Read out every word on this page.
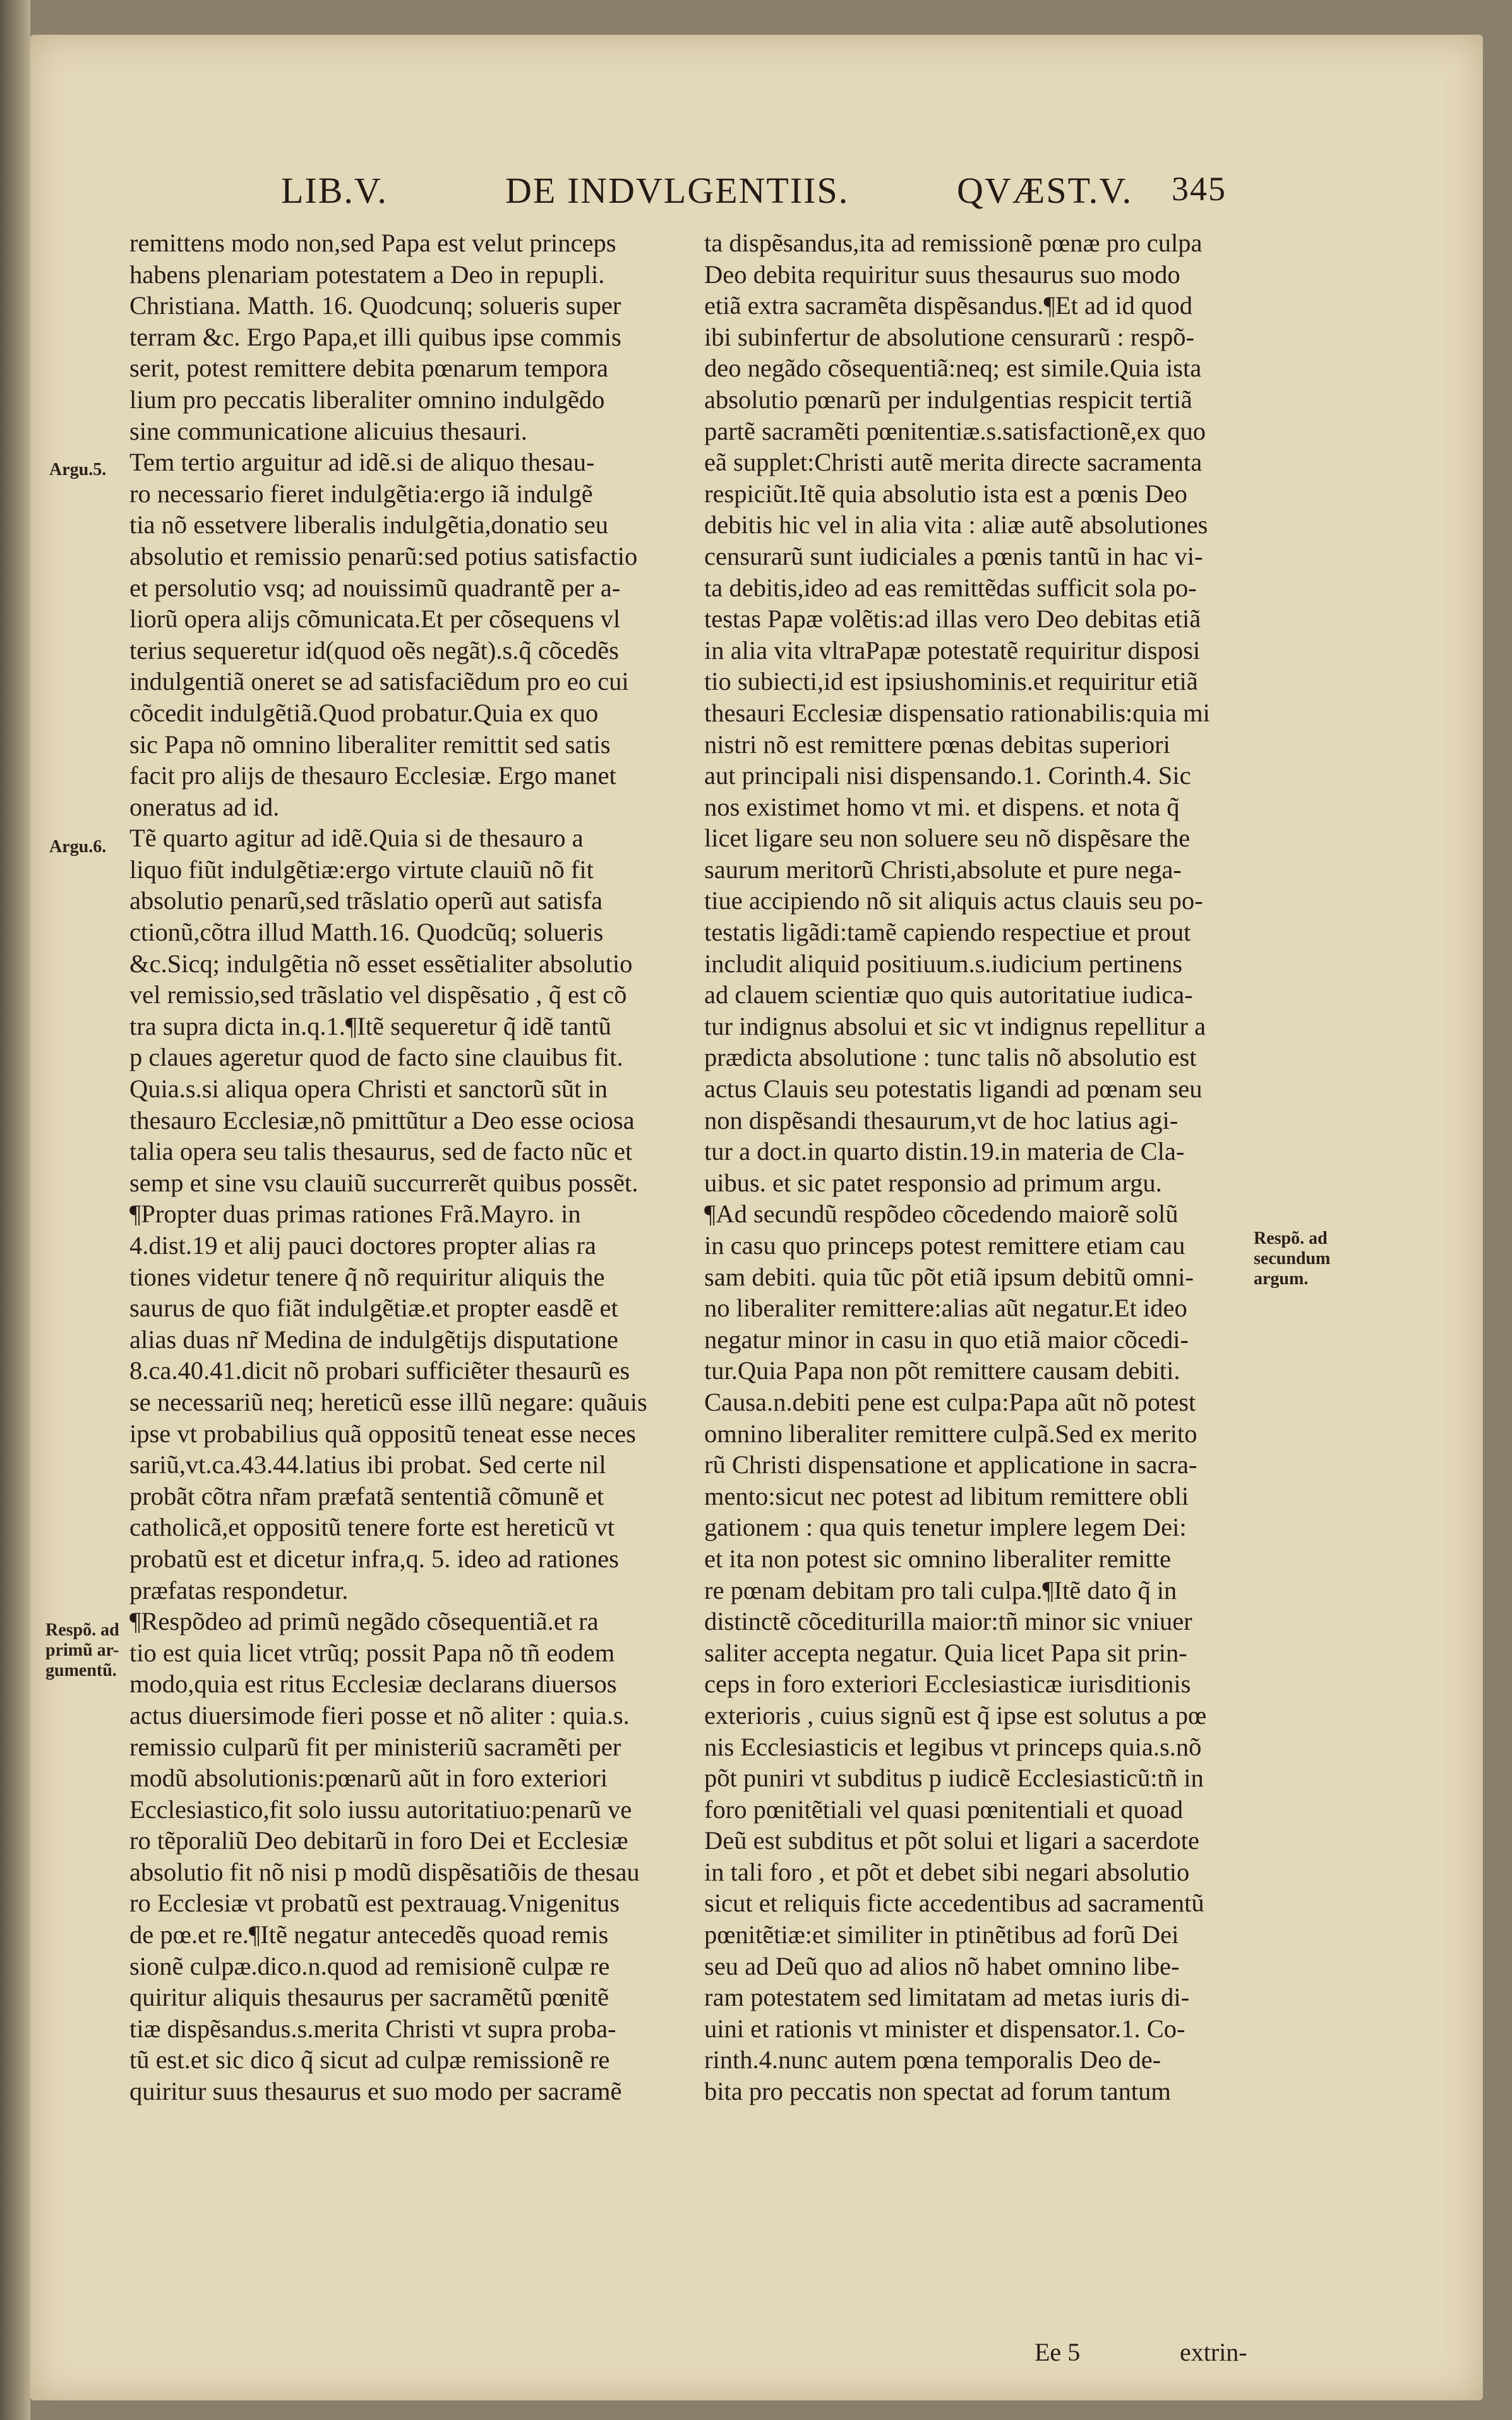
LIB.V.	DE INDVLGENTIIS.	QVÆST.V. 345
remittens modo non,sed Papa est velut princeps
habens plenariam potestatem a Deo in repupli.
Christiana. Matth. 16. Quodcunq; solueris super
terram &c. Ergo Papa,et illi quibus ipse commis
serit, potest remittere debita pœnarum tempora
lium pro peccatis liberaliter omnino indulgẽdo
sine communicatione alicuius thesauri.
Tem tertio arguitur ad idẽ.si de aliquo thesau-
ro necessario fieret indulgẽtia:ergo iã indulgẽ
tia nõ essetvere liberalis indulgẽtia,donatio seu
absolutio et remissio penarũ:sed potius satisfactio
et persolutio vsq; ad nouissimũ quadrantẽ per a-
liorũ opera alijs cõmunicata.Et per cõsequens vl
terius sequeretur id(quod oẽs negãt).s.q̃ cõcedẽs
indulgentiã oneret se ad satisfaciẽdum pro eo cui
cõcedit indulgẽtiã.Quod probatur.Quia ex quo
sic Papa nõ omnino liberaliter remittit sed satis
facit pro alijs de thesauro Ecclesiæ. Ergo manet
oneratus ad id.
Tẽ quarto agitur ad idẽ.Quia si de thesauro a
liquo fiũt indulgẽtiæ:ergo virtute clauiũ nõ fit
absolutio penarũ,sed trãslatio operũ aut satisfa
ctionũ,cõtra illud Matth.16. Quodcũq; solueris
&c.Sicq; indulgẽtia nõ esset essẽtialiter absolutio
vel remissio,sed trãslatio vel dispẽsatio , q̃ est cõ
tra supra dicta in.q.1.¶Itẽ sequeretur q̃ idẽ tantũ
p claues ageretur quod de facto sine clauibus fit.
Quia.s.si aliqua opera Christi et sanctorũ sũt in
thesauro Ecclesiæ,nõ pmittũtur a Deo esse ociosa
talia opera seu talis thesaurus, sed de facto nũc et
semp et sine vsu clauiũ succurrerẽt quibus possẽt.
¶Propter duas primas rationes Frã.Mayro. in
4.dist.19 et alij pauci doctores propter alias ra
tiones videtur tenere q̃ nõ requiritur aliquis the
saurus de quo fiãt indulgẽtiæ.et propter easdẽ et
alias duas nr̃ Medina de indulgẽtijs disputatione
8.ca.40.41.dicit nõ probari sufficiẽter thesaurũ es
se necessariũ neq; hereticũ esse illũ negare: quãuis
ipse vt probabilius quã oppositũ teneat esse neces
sariũ,vt.ca.43.44.latius ibi probat. Sed certe nil
probãt cõtra nr̃am præfatã sententiã cõmunẽ et
catholicã,et oppositũ tenere forte est hereticũ vt
probatũ est et dicetur infra,q. 5. ideo ad rationes
præfatas respondetur.
¶Respõdeo ad primũ negãdo cõsequentiã.et ra
tio est quia licet vtrũq; possit Papa nõ tñ eodem
modo,quia est ritus Ecclesiæ declarans diuersos
actus diuersimode fieri posse et nõ aliter : quia.s.
remissio culparũ fit per ministeriũ sacramẽti per
modũ absolutionis:pœnarũ aũt in foro exteriori
Ecclesiastico,fit solo iussu autoritatiuo:penarũ ve
ro tẽporaliũ Deo debitarũ in foro Dei et Ecclesiæ
absolutio fit nõ nisi p modũ dispẽsatiõis de thesau
ro Ecclesiæ vt probatũ est pextrauag.Vnigenitus
de pœ.et re.¶Itẽ negatur antecedẽs quoad remis
sionẽ culpæ.dico.n.quod ad remisionẽ culpæ re
quiritur aliquis thesaurus per sacramẽtũ pœnitẽ
tiæ dispẽsandus.s.merita Christi vt supra proba-
tũ est.et sic dico q̃ sicut ad culpæ remissionẽ re
quiritur suus thesaurus et suo modo per sacramẽ
ta dispẽsandus,ita ad remissionẽ pœnæ pro culpa
Deo debita requiritur suus thesaurus suo modo
etiã extra sacramẽta dispẽsandus.¶Et ad id quod
ibi subinfertur de absolutione censurarũ : respõ-
deo negãdo cõsequentiã:neq; est simile.Quia ista
absolutio pœnarũ per indulgentias respicit tertiã
partẽ sacramẽti pœnitentiæ.s.satisfactionẽ,ex quo
eã supplet:Christi autẽ merita directe sacramenta
respiciũt.Itẽ quia absolutio ista est a pœnis Deo
debitis hic vel in alia vita : aliæ autẽ absolutiones
censurarũ sunt iudiciales a pœnis tantũ in hac vi-
ta debitis,ideo ad eas remittẽdas sufficit sola po-
testas Papæ volẽtis:ad illas vero Deo debitas etiã
in alia vita vltraPapæ potestatẽ requiritur disposi
tio subiecti,id est ipsiushominis.et requiritur etiã
thesauri Ecclesiæ dispensatio rationabilis:quia mi
nistri nõ est remittere pœnas debitas superiori
aut principali nisi dispensando.1. Corinth.4. Sic
nos existimet homo vt mi. et dispens. et nota q̃
licet ligare seu non soluere seu nõ dispẽsare the
saurum meritorũ Christi,absolute et pure nega-
tiue accipiendo nõ sit aliquis actus clauis seu po-
testatis ligãdi:tamẽ capiendo respectiue et prout
includit aliquid positiuum.s.iudicium pertinens
ad clauem scientiæ quo quis autoritatiue iudica-
tur indignus absolui et sic vt indignus repellitur a
prædicta absolutione : tunc talis nõ absolutio est
actus Clauis seu potestatis ligandi ad pœnam seu
non dispẽsandi thesaurum,vt de hoc latius agi-
tur a doct.in quarto distin.19.in materia de Cla-
uibus. et sic patet responsio ad primum argu.
¶Ad secundũ respõdeo cõcedendo maiorẽ solũ
in casu quo princeps potest remittere etiam cau
sam debiti. quia tũc põt etiã ipsum debitũ omni-
no liberaliter remittere:alias aũt negatur.Et ideo
negatur minor in casu in quo etiã maior cõcedi-
tur.Quia Papa non põt remittere causam debiti.
Causa.n.debiti pene est culpa:Papa aũt nõ potest
omnino liberaliter remittere culpã.Sed ex merito
rũ Christi dispensatione et applicatione in sacra-
mento:sicut nec potest ad libitum remittere obli
gationem : qua quis tenetur implere legem Dei:
et ita non potest sic omnino liberaliter remitte
re pœnam debitam pro tali culpa.¶Itẽ dato q̃ in
distinctẽ cõcediturilla maior:tñ minor sic vniuer
saliter accepta negatur. Quia licet Papa sit prin-
ceps in foro exteriori Ecclesiasticæ iurisditionis
exterioris , cuius signũ est q̃ ipse est solutus a pœ
nis Ecclesiasticis et legibus vt princeps quia.s.nõ
põt puniri vt subditus p iudicẽ Ecclesiasticũ:tñ in
foro pœnitẽtiali vel quasi pœnitentiali et quoad
Deũ est subditus et põt solui et ligari a sacerdote
in tali foro , et põt et debet sibi negari absolutio
sicut et reliquis ficte accedentibus ad sacramentũ
pœnitẽtiæ:et similiter in ptinẽtibus ad forũ Dei
seu ad Deũ quo ad alios nõ habet omnino libe-
ram potestatem sed limitatam ad metas iuris di-
uini et rationis vt minister et dispensator.1. Co-
rinth.4.nunc autem pœna temporalis Deo de-
bita pro peccatis non spectat ad forum tantum
Argu.5.
Argu.6.
Respõ. ad
primũ ar-
gumentũ.
Respõ. ad
secundum
argum.
Ee 5	extrin-
